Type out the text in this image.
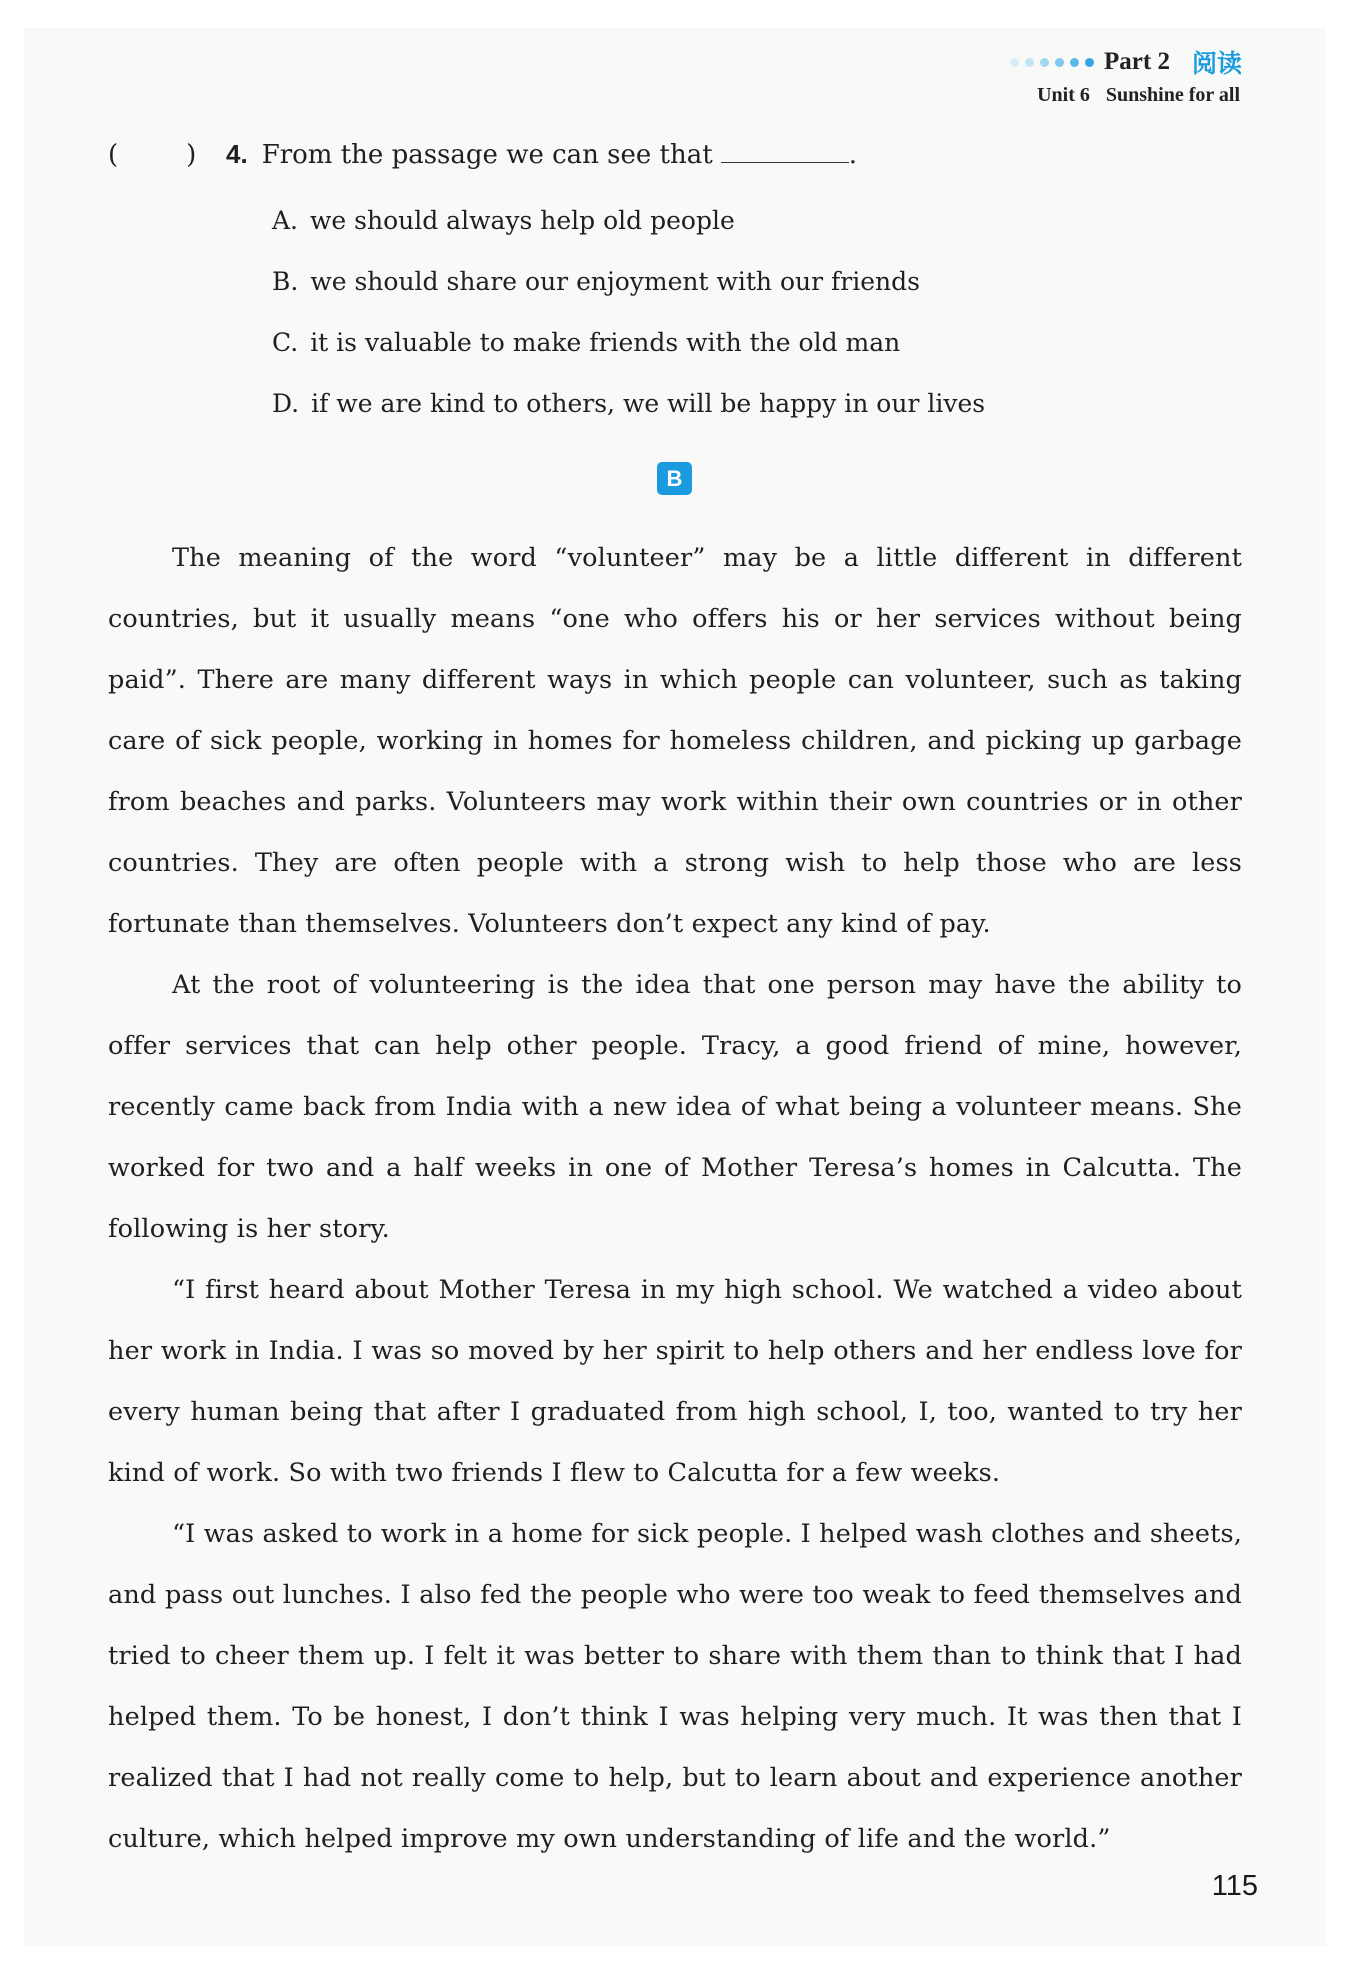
Part 2 阅读
Unit 6 Sunshine for all
(	) 4. From the passage we can see that	.
A. we should always help old people
B. we should share our enjoyment with our friends
C. it is valuable to make friends with the old man
D. if we are kind to others, we will be happy in our lives
B

The meaning of the word “volunteer” may be a little different in different countries, but it usually means “one who offers his or her services without being paid”. There are many different ways in which people can volunteer, such as taking care of sick people, working in homes for homeless children, and picking up garbage from beaches and parks. Volunteers may work within their own countries or in other countries. They are often people with a strong wish to help those who are less fortunate than themselves. Volunteers don’t expect any kind of pay.

At the root of volunteering is the idea that one person may have the ability to offer services that can help other people. Tracy, a good friend of mine, however, recently came back from India with a new idea of what being a volunteer means. She worked for two and a half weeks in one of Mother Teresa’s homes in Calcutta. The following is her story.

“I first heard about Mother Teresa in my high school. We watched a video about her work in India. I was so moved by her spirit to help others and her endless love for every human being that after I graduated from high school, I, too, wanted to try her kind of work. So with two friends I flew to Calcutta for a few weeks.

“I was asked to work in a home for sick people. I helped wash clothes and sheets, and pass out lunches. I also fed the people who were too weak to feed themselves and tried to cheer them up. I felt it was better to share with them than to think that I had helped them. To be honest, I don’t think I was helping very much. It was then that I realized that I had not really come to help, but to learn about and experience another culture, which helped improve my own understanding of life and the world.”

115
